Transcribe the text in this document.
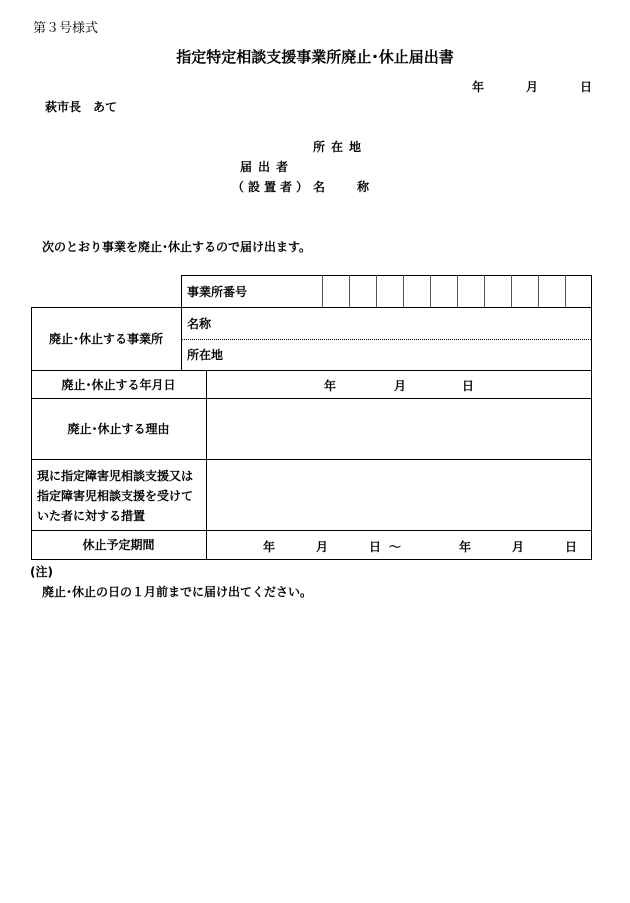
第３号様式
指定特定相談支援事業所廃止･休止届出書
年	月	日
萩市長　あて
所在地
届出者
（設置者） 名　称
次のとおり事業を廃止･休止するので届け出ます。
事業所番号
廃止･休止する事業所
名称
所在地
廃止･休止する年月日	年	月	日
廃止･休止する理由
現に指定障害児相談支援又は
指定障害児相談支援を受けて
いた者に対する措置
休止予定期間	年	月	日 ～	年	月	日
(注)
廃止･休止の日の１月前までに届け出てください。
